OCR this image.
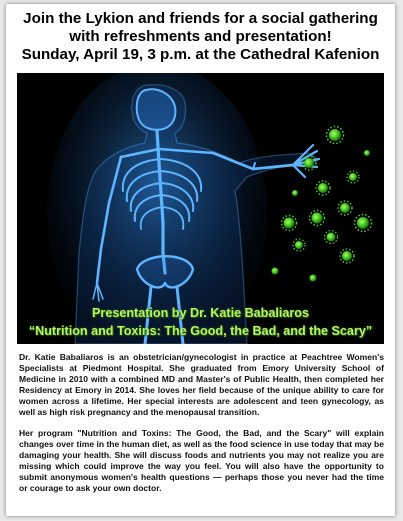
Join the Lykion and friends for a social gathering
with refreshments and presentation!
Sunday, April 19, 3 p.m. at the Cathedral Kafenion
Presentation by Dr. Katie Babaliaros
“Nutrition and Toxins: The Good, the Bad, and the Scary”

Dr. Katie Babaliaros is an obstetrician/gynecologist in practice at Peachtree Women's Specialists at Piedmont Hospital. She graduated from Emory University School of Medicine in 2010 with a combined MD and Master's of Public Health, then completed her Residency at Emory in 2014. She loves her field because of the unique ability to care for women across a lifetime. Her special interests are adolescent and teen gynecology, as well as high risk pregnancy and the menopausal transition.

Her program "Nutrition and Toxins: The Good, the Bad, and the Scary" will explain changes over time in the human diet, as well as the food science in use today that may be damaging your health. She will discuss foods and nutrients you may not realize you are missing which could improve the way you feel. You will also have the opportunity to submit anonymous women's health questions — perhaps those you never had the time or courage to ask your own doctor.
